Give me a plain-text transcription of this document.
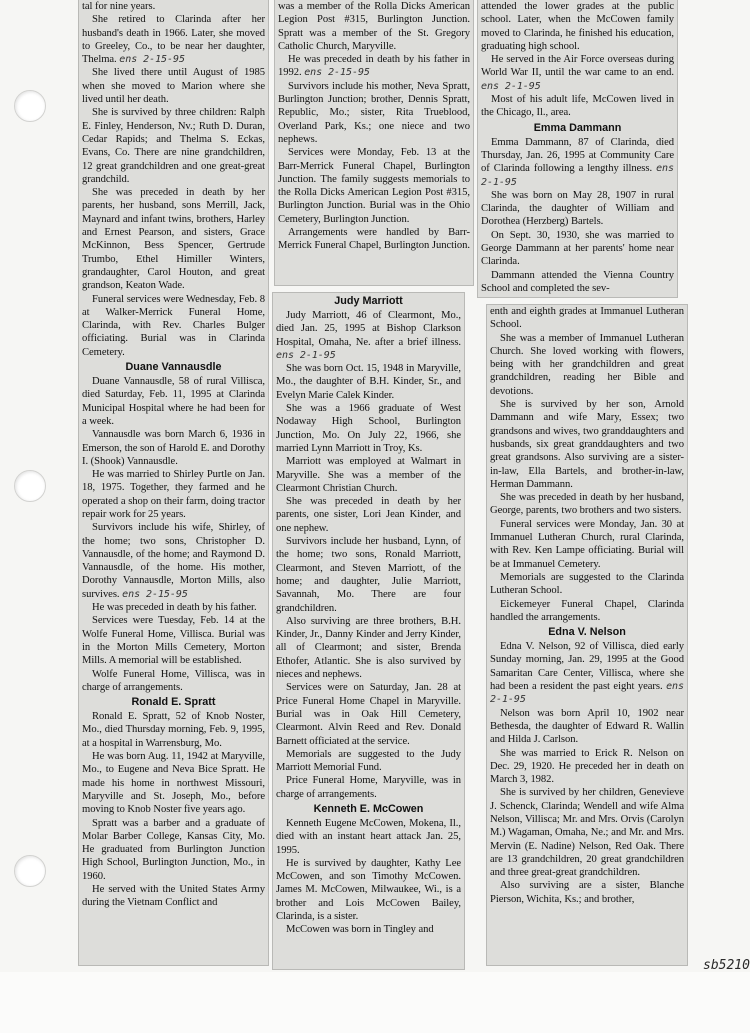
tal for nine years.

She retired to Clarinda after her husband's death in 1966. Later, she moved to Greeley, Co., to be near her daughter, Thelma. ens 2-15-95

She lived there until August of 1985 when she moved to Marion where she lived until her death.

She is survived by three children: Ralph E. Finley, Henderson, Nv.; Ruth D. Duran, Cedar Rapids; and Thelma S. Eckas, Evans, Co. There are nine grandchildren, 12 great grandchildren and one great-great grandchild.

She was preceded in death by her parents, her husband, sons Merrill, Jack, Maynard and infant twins, brothers, Harley and Ernest Pearson, and sisters, Grace McKinnon, Bess Spencer, Gertrude Trumbo, Ethel Himiller Winters, grandaughter, Carol Houton, and great grandson, Keaton Wade.

Funeral services were Wednesday, Feb. 8 at Walker-Merrick Funeral Home, Clarinda, with Rev. Charles Bulger officiating. Burial was in Clarinda Cemetery.

Duane Vannausdle

Duane Vannausdle, 58 of rural Villisca, died Saturday, Feb. 11, 1995 at Clarinda Municipal Hospital where he had been for a week.

Vannausdle was born March 6, 1936 in Emerson, the son of Harold E. and Dorothy I. (Shook) Vannausdle.

He was married to Shirley Purtle on Jan. 18, 1975. Together, they farmed and he operated a shop on their farm, doing tractor repair work for 25 years.

Survivors include his wife, Shirley, of the home; two sons, Christopher D. Vannausdle, of the home; and Raymond D. Vannausdle, of the home. His mother, Dorothy Vannausdle, Morton Mills, also survives. ens 2-15-95

He was preceded in death by his father.

Services were Tuesday, Feb. 14 at the Wolfe Funeral Home, Villisca. Burial was in the Morton Mills Cemetery, Morton Mills. A memorial will be established.

Wolfe Funeral Home, Villisca, was in charge of arrangements.

Ronald E. Spratt

Ronald E. Spratt, 52 of Knob Noster, Mo., died Thursday morning, Feb. 9, 1995, at a hospital in Warrensburg, Mo.

He was born Aug. 11, 1942 at Maryville, Mo., to Eugene and Neva Bice Spratt. He made his home in northwest Missouri, Maryville and St. Joseph, Mo., before moving to Knob Noster five years ago.

Spratt was a barber and a graduate of Molar Barber College, Kansas City, Mo. He graduated from Burlington Junction High School, Burlington Junction, Mo., in 1960.

He served with the United States Army during the Vietnam Conflict and

was a member of the Rolla Dicks American Legion Post #315, Burlington Junction. Spratt was a member of the St. Gregory Catholic Church, Maryville.

He was preceded in death by his father in 1992. ens 2-15-95

Survivors include his mother, Neva Spratt, Burlington Junction; brother, Dennis Spratt, Republic, Mo.; sister, Rita Trueblood, Overland Park, Ks.; one niece and two nephews.

Services were Monday, Feb. 13 at the Barr-Merrick Funeral Chapel, Burlington Junction. The family suggests memorials to the Rolla Dicks American Legion Post #315, Burlington Junction. Burial was in the Ohio Cemetery, Burlington Junction.

Arrangements were handled by Barr-Merrick Funeral Chapel, Burlington Junction.

Judy Marriott

Judy Marriott, 46 of Clearmont, Mo., died Jan. 25, 1995 at Bishop Clarkson Hospital, Omaha, Ne. after a brief illness. ens 2-1-95

She was born Oct. 15, 1948 in Maryville, Mo., the daughter of B.H. Kinder, Sr., and Evelyn Marie Calek Kinder.

She was a 1966 graduate of West Nodaway High School, Burlington Junction, Mo. On July 22, 1966, she married Lynn Marriott in Troy, Ks.

Marriott was employed at Walmart in Maryville. She was a member of the Clearmont Christian Church.

She was preceded in death by her parents, one sister, Lori Jean Kinder, and one nephew.

Survivors include her husband, Lynn, of the home; two sons, Ronald Marriott, Clearmont, and Steven Marriott, of the home; and daughter, Julie Marriott, Savannah, Mo. There are four grandchildren.

Also surviving are three brothers, B.H. Kinder, Jr., Danny Kinder and Jerry Kinder, all of Clearmont; and sister, Brenda Ethofer, Atlantic. She is also survived by nieces and nephews.

Services were on Saturday, Jan. 28 at Price Funeral Home Chapel in Maryville. Burial was in Oak Hill Cemetery, Clearmont. Alvin Reed and Rev. Donald Barnett officiated at the service.

Memorials are suggested to the Judy Marriott Memorial Fund.

Price Funeral Home, Maryville, was in charge of arrangements.

Kenneth E. McCowen

Kenneth Eugene McCowen, Mokena, Il., died with an instant heart attack Jan. 25, 1995.

He is survived by daughter, Kathy Lee McCowen, and son Timothy McCowen. James M. McCowen, Milwaukee, Wi., is a brother and Lois McCowen Bailey, Clarinda, is a sister.

McCowen was born in Tingley and

attended the lower grades at the public school. Later, when the McCowen family moved to Clarinda, he finished his education, graduating high school.

He served in the Air Force overseas during World War II, until the war came to an end. ens 2-1-95

Most of his adult life, McCowen lived in the Chicago, Il., area.

Emma Dammann

Emma Dammann, 87 of Clarinda, died Thursday, Jan. 26, 1995 at Community Care of Clarinda following a lengthy illness. ens 2-1-95

She was born on May 28, 1907 in rural Clarinda, the daughter of William and Dorothea (Herzberg) Bartels.

On Sept. 30, 1930, she was married to George Dammann at her parents' home near Clarinda.

Dammann attended the Vienna Country School and completed the sev-

enth and eighth grades at Immanuel Lutheran School.

She was a member of Immanuel Lutheran Church. She loved working with flowers, being with her grandchildren and great grandchildren, reading her Bible and devotions.

She is survived by her son, Arnold Dammann and wife Mary, Essex; two grandsons and wives, two granddaughters and husbands, six great granddaughters and two great grandsons. Also surviving are a sister-in-law, Ella Bartels, and brother-in-law, Herman Dammann.

She was preceded in death by her husband, George, parents, two brothers and two sisters.

Funeral services were Monday, Jan. 30 at Immanuel Lutheran Church, rural Clarinda, with Rev. Ken Lampe officiating. Burial will be at Immanuel Cemetery.

Memorials are suggested to the Clarinda Lutheran School.

Eickemeyer Funeral Chapel, Clarinda handled the arrangements.

Edna V. Nelson

Edna V. Nelson, 92 of Villisca, died early Sunday morning, Jan. 29, 1995 at the Good Samaritan Care Center, Villisca, where she had been a resident the past eight years. ens 2-1-95

Nelson was born April 10, 1902 near Bethesda, the daughter of Edward R. Wallin and Hilda J. Carlson.

She was married to Erick R. Nelson on Dec. 29, 1920. He preceded her in death on March 3, 1982.

She is survived by her children, Genevieve J. Schenck, Clarinda; Wendell and wife Alma Nelson, Villisca; Mr. and Mrs. Orvis (Carolyn M.) Wagaman, Omaha, Ne.; and Mr. and Mrs. Mervin (E. Nadine) Nelson, Red Oak. There are 13 grandchildren, 20 great grandchildren and three great-great grandchildren.

Also surviving are a sister, Blanche Pierson, Wichita, Ks.; and brother,

sb5210
